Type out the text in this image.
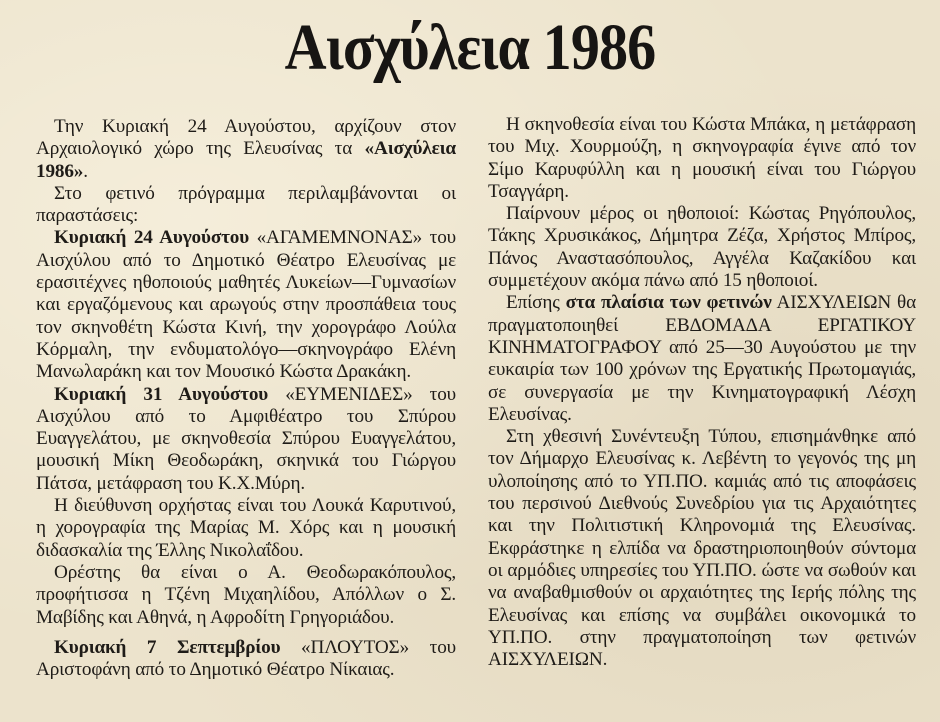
Αισχύλεια 1986

Την Κυριακή 24 Αυγούστου, αρχίζουν στον Αρχαιολογικό χώρο της Ελευσίνας τα «Αισχύλεια 1986».

Στο φετινό πρόγραμμα περιλαμβάνονται οι παραστάσεις:

Κυριακή 24 Αυγούστου «ΑΓΑΜΕΜΝΟΝΑΣ» του Αισχύλου από το Δημοτικό Θέατρο Ελευσίνας με ερασιτέχνες ηθοποιούς μαθητές Λυκείων—Γυμνασίων και εργαζόμενους και αρωγούς στην προσπάθεια τους τον σκηνοθέτη Κώστα Κινή, την χορογράφο Λούλα Κόρμαλη, την ενδυματολόγο—σκηνογράφο Ελένη Μανωλαράκη και τον Μουσικό Κώστα Δρακάκη.

Κυριακή 31 Αυγούστου «ΕΥΜΕΝΙΔΕΣ» του Αισχύλου από το Αμφιθέατρο του Σπύρου Ευαγγελάτου, με σκηνοθεσία Σπύρου Ευαγγελάτου, μουσική Μίκη Θεοδωράκη, σκηνικά του Γιώργου Πάτσα, μετάφραση του Κ.Χ.Μύρη.

Η διεύθυνση ορχήστας είναι του Λουκά Καρυτινού, η χορογραφία της Μαρίας Μ. Χόρς και η μουσική διδασκαλία της Έλλης Νικολαΐδου.

Ορέστης θα είναι ο Α. Θεοδωρακόπουλος, προφήτισσα η Τζένη Μιχαηλίδου, Απόλλων ο Σ. Μαβίδης και Αθηνά, η Αφροδίτη Γρηγοριάδου.

Κυριακή 7 Σεπτεμβρίου «ΠΛΟΥΤΟΣ» του Αριστοφάνη από το Δημοτικό Θέατρο Νίκαιας.

Η σκηνοθεσία είναι του Κώστα Μπάκα, η μετάφραση του Μιχ. Χουρμούζη, η σκηνογραφία έγινε από τον Σίμο Καρυφύλλη και η μουσική είναι του Γιώργου Τσαγγάρη.

Παίρνουν μέρος οι ηθοποιοί: Κώστας Ρηγόπουλος, Τάκης Χρυσικάκος, Δήμητρα Ζέζα, Χρήστος Μπίρος, Πάνος Αναστασόπουλος, Αγγέλα Καζακίδου και συμμετέχουν ακόμα πάνω από 15 ηθοποιοί.

Επίσης στα πλαίσια των φετινών ΑΙΣΧΥΛΕΙΩΝ θα πραγματοποιηθεί ΕΒΔΟΜΑΔΑ ΕΡΓΑΤΙΚΟΥ ΚΙΝΗΜΑΤΟΓΡΑΦΟΥ από 25—30 Αυγούστου με την ευκαιρία των 100 χρόνων της Εργατικής Πρωτομαγιάς, σε συνεργασία με την Κινηματογραφική Λέσχη Ελευσίνας.

Στη χθεσινή Συνέντευξη Τύπου, επισημάνθηκε από τον Δήμαρχο Ελευσίνας κ. Λεβέντη το γεγονός της μη υλοποίησης από το ΥΠ.ΠΟ. καμιάς από τις αποφάσεις του περσινού Διεθνούς Συνεδρίου για τις Αρχαιότητες και την Πολιτιστική Κληρονομιά της Ελευσίνας. Εκφράστηκε η ελπίδα να δραστηριοποιηθούν σύντομα οι αρμόδιες υπηρεσίες του ΥΠ.ΠΟ. ώστε να σωθούν και να αναβαθμισθούν οι αρχαιότητες της Ιερής πόλης της Ελευσίνας και επίσης να συμβάλει οικονομικά το ΥΠ.ΠΟ. στην πραγματοποίηση των φετινών ΑΙΣΧΥΛΕΙΩΝ.
